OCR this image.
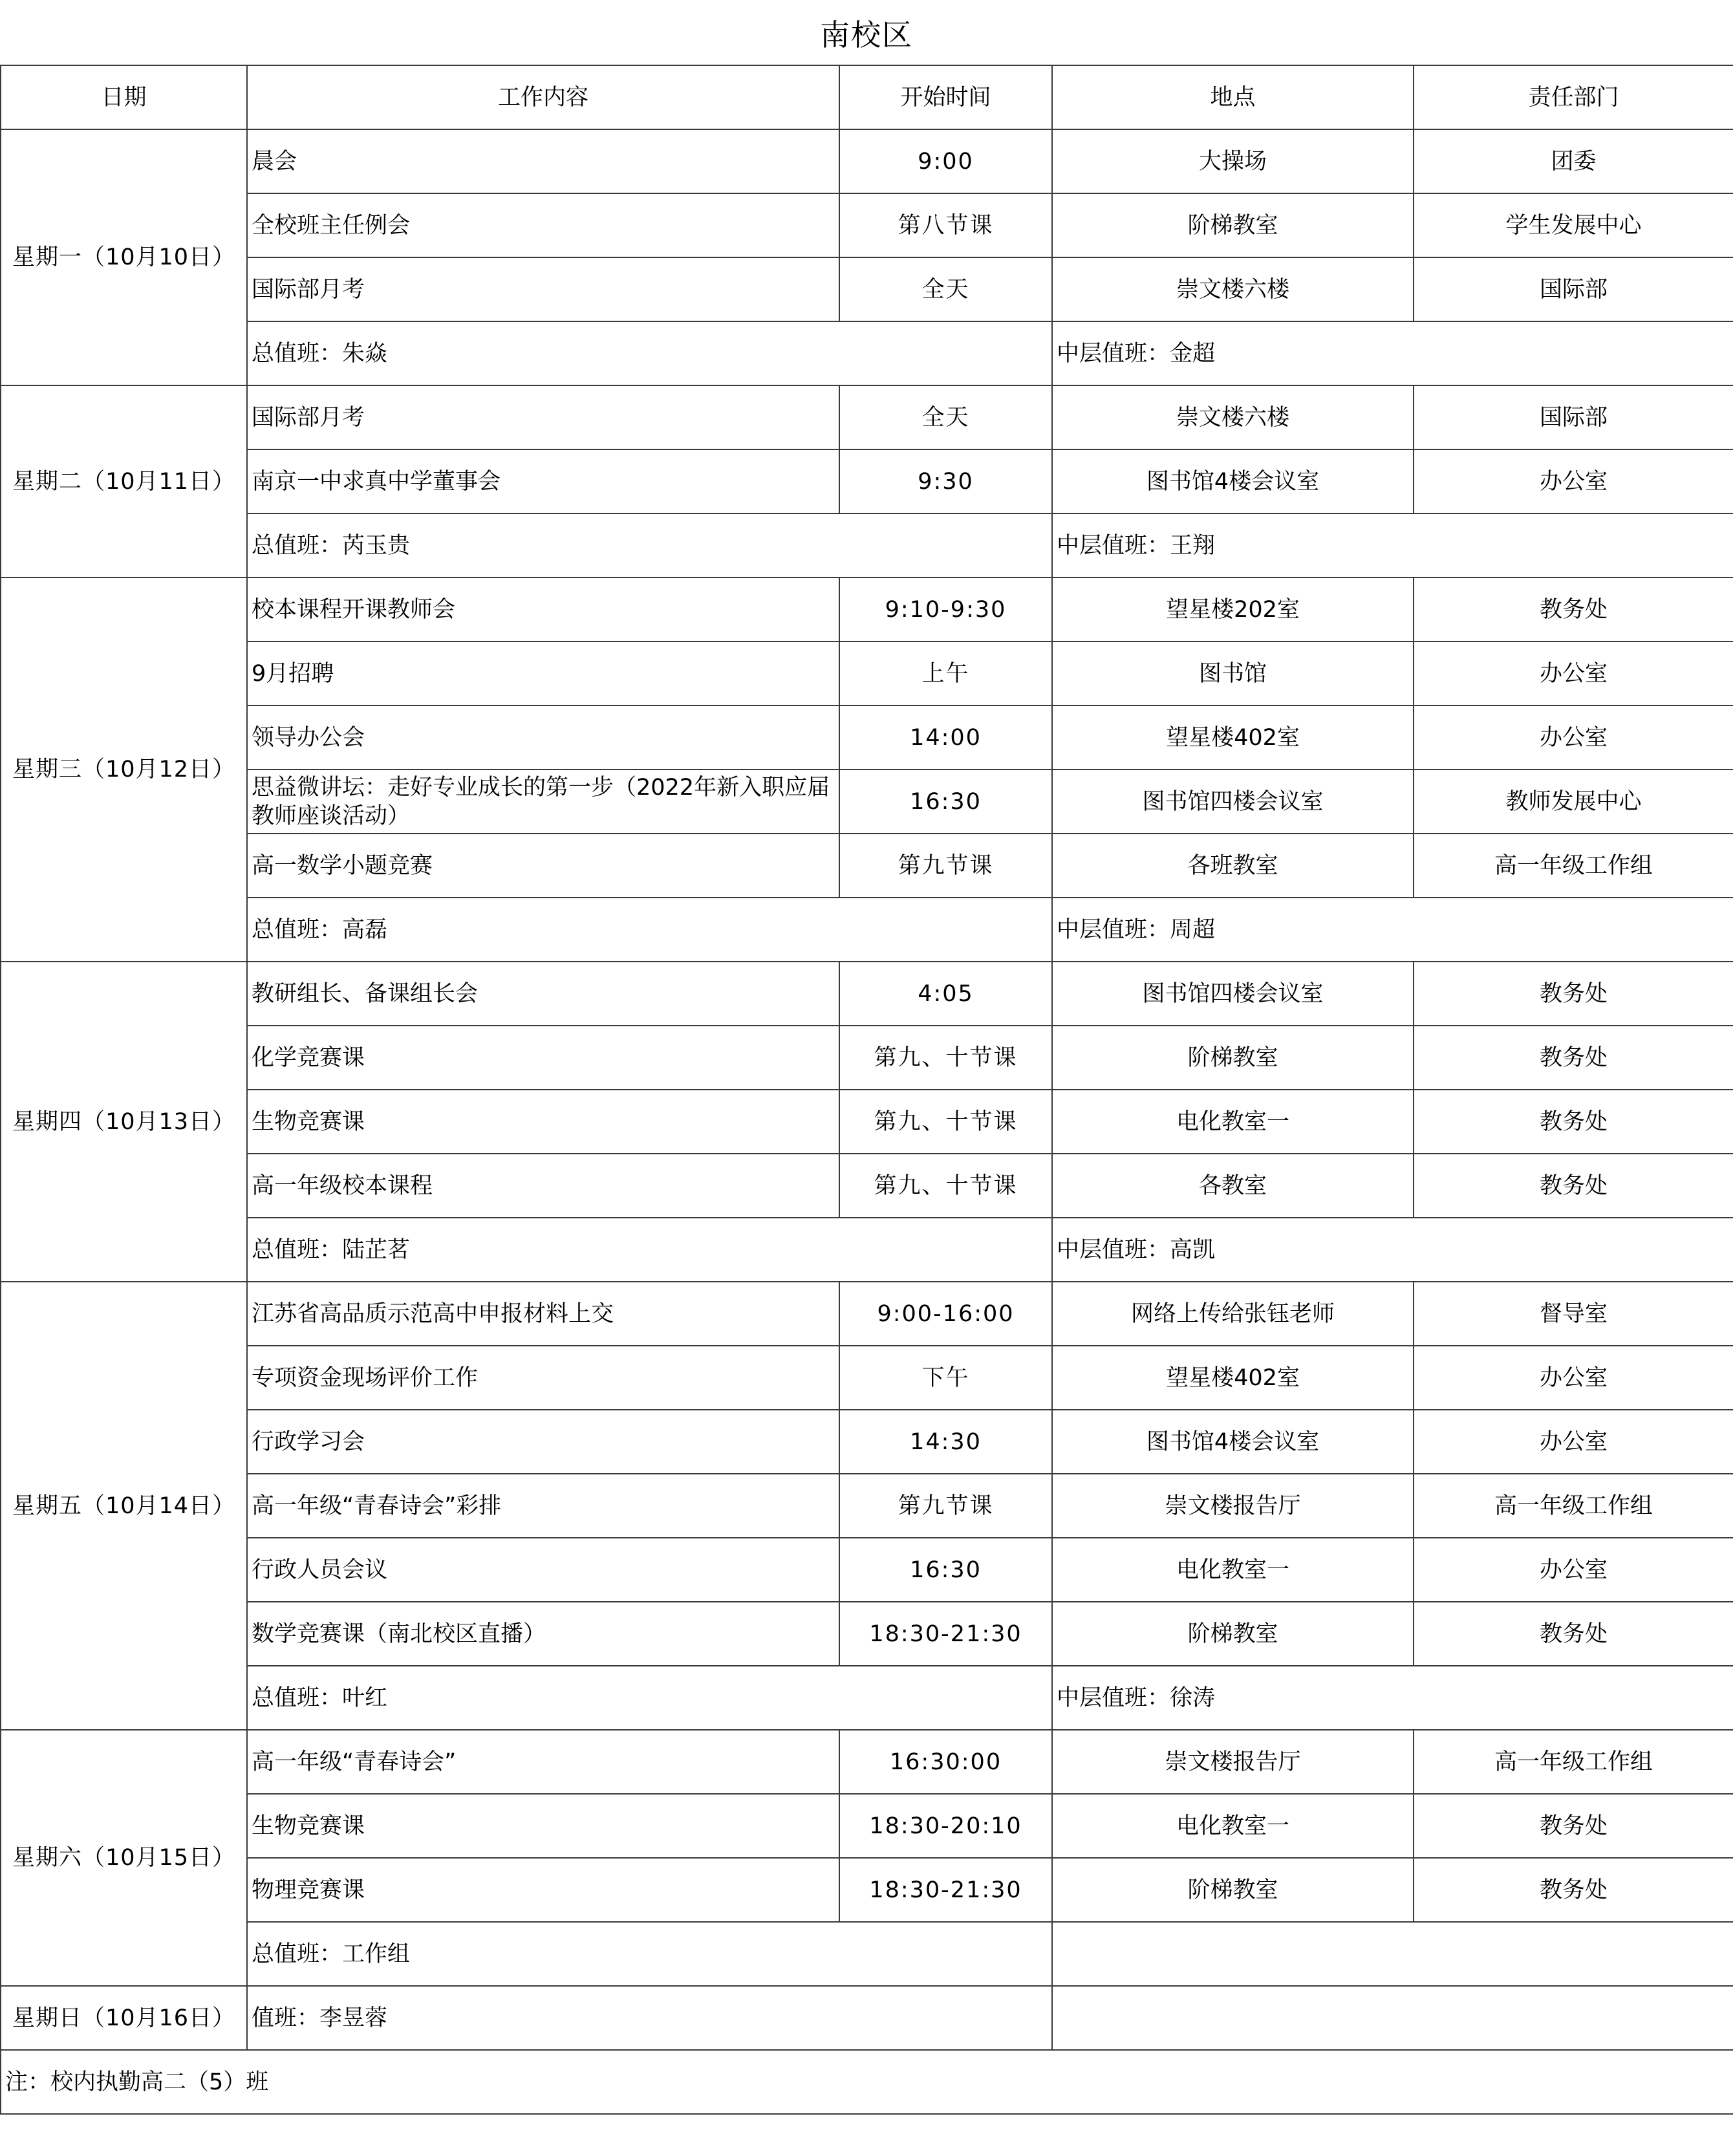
南校区
日期	工作内容	开始时间	地点	责任部门
星期一（10月10日）	晨会	9:00	大操场	团委
	全校班主任例会	第八节课	阶梯教室	学生发展中心
	国际部月考	全天	崇文楼六楼	国际部
	总值班：朱焱		中层值班：金超	
星期二（10月11日）	国际部月考	全天	崇文楼六楼	国际部
	南京一中求真中学董事会	9:30	图书馆4楼会议室	办公室
	总值班：芮玉贵		中层值班：王翔	
星期三（10月12日）	校本课程开课教师会	9:10-9:30	望星楼202室	教务处
	9月招聘	上午	图书馆	办公室
	领导办公会	14:00	望星楼402室	办公室
	思益微讲坛：走好专业成长的第一步（2022年新入职应届教师座谈活动）	16:30	图书馆四楼会议室	教师发展中心
	高一数学小题竞赛	第九节课	各班教室	高一年级工作组
	总值班：高磊		中层值班：周超	
星期四（10月13日）	教研组长、备课组长会	4:05	图书馆四楼会议室	教务处
	化学竞赛课	第九、十节课	阶梯教室	教务处
	生物竞赛课	第九、十节课	电化教室一	教务处
	高一年级校本课程	第九、十节课	各教室	教务处
	总值班：陆芷茗		中层值班：高凯	
星期五（10月14日）	江苏省高品质示范高中申报材料上交	9:00-16:00	网络上传给张钰老师	督导室
	专项资金现场评价工作	下午	望星楼402室	办公室
	行政学习会	14:30	图书馆4楼会议室	办公室
	高一年级“青春诗会”彩排	第九节课	崇文楼报告厅	高一年级工作组
	行政人员会议	16:30	电化教室一	办公室
	数学竞赛课（南北校区直播）	18:30-21:30	阶梯教室	教务处
	总值班：叶红		中层值班：徐涛	
星期六（10月15日）	高一年级“青春诗会”	16:30:00	崇文楼报告厅	高一年级工作组
	生物竞赛课	18:30-20:10	电化教室一	教务处
	物理竞赛课	18:30-21:30	阶梯教室	教务处
	总值班：工作组			
星期日（10月16日）	值班：李昱蓉			
注：校内执勤高二（5）班				
